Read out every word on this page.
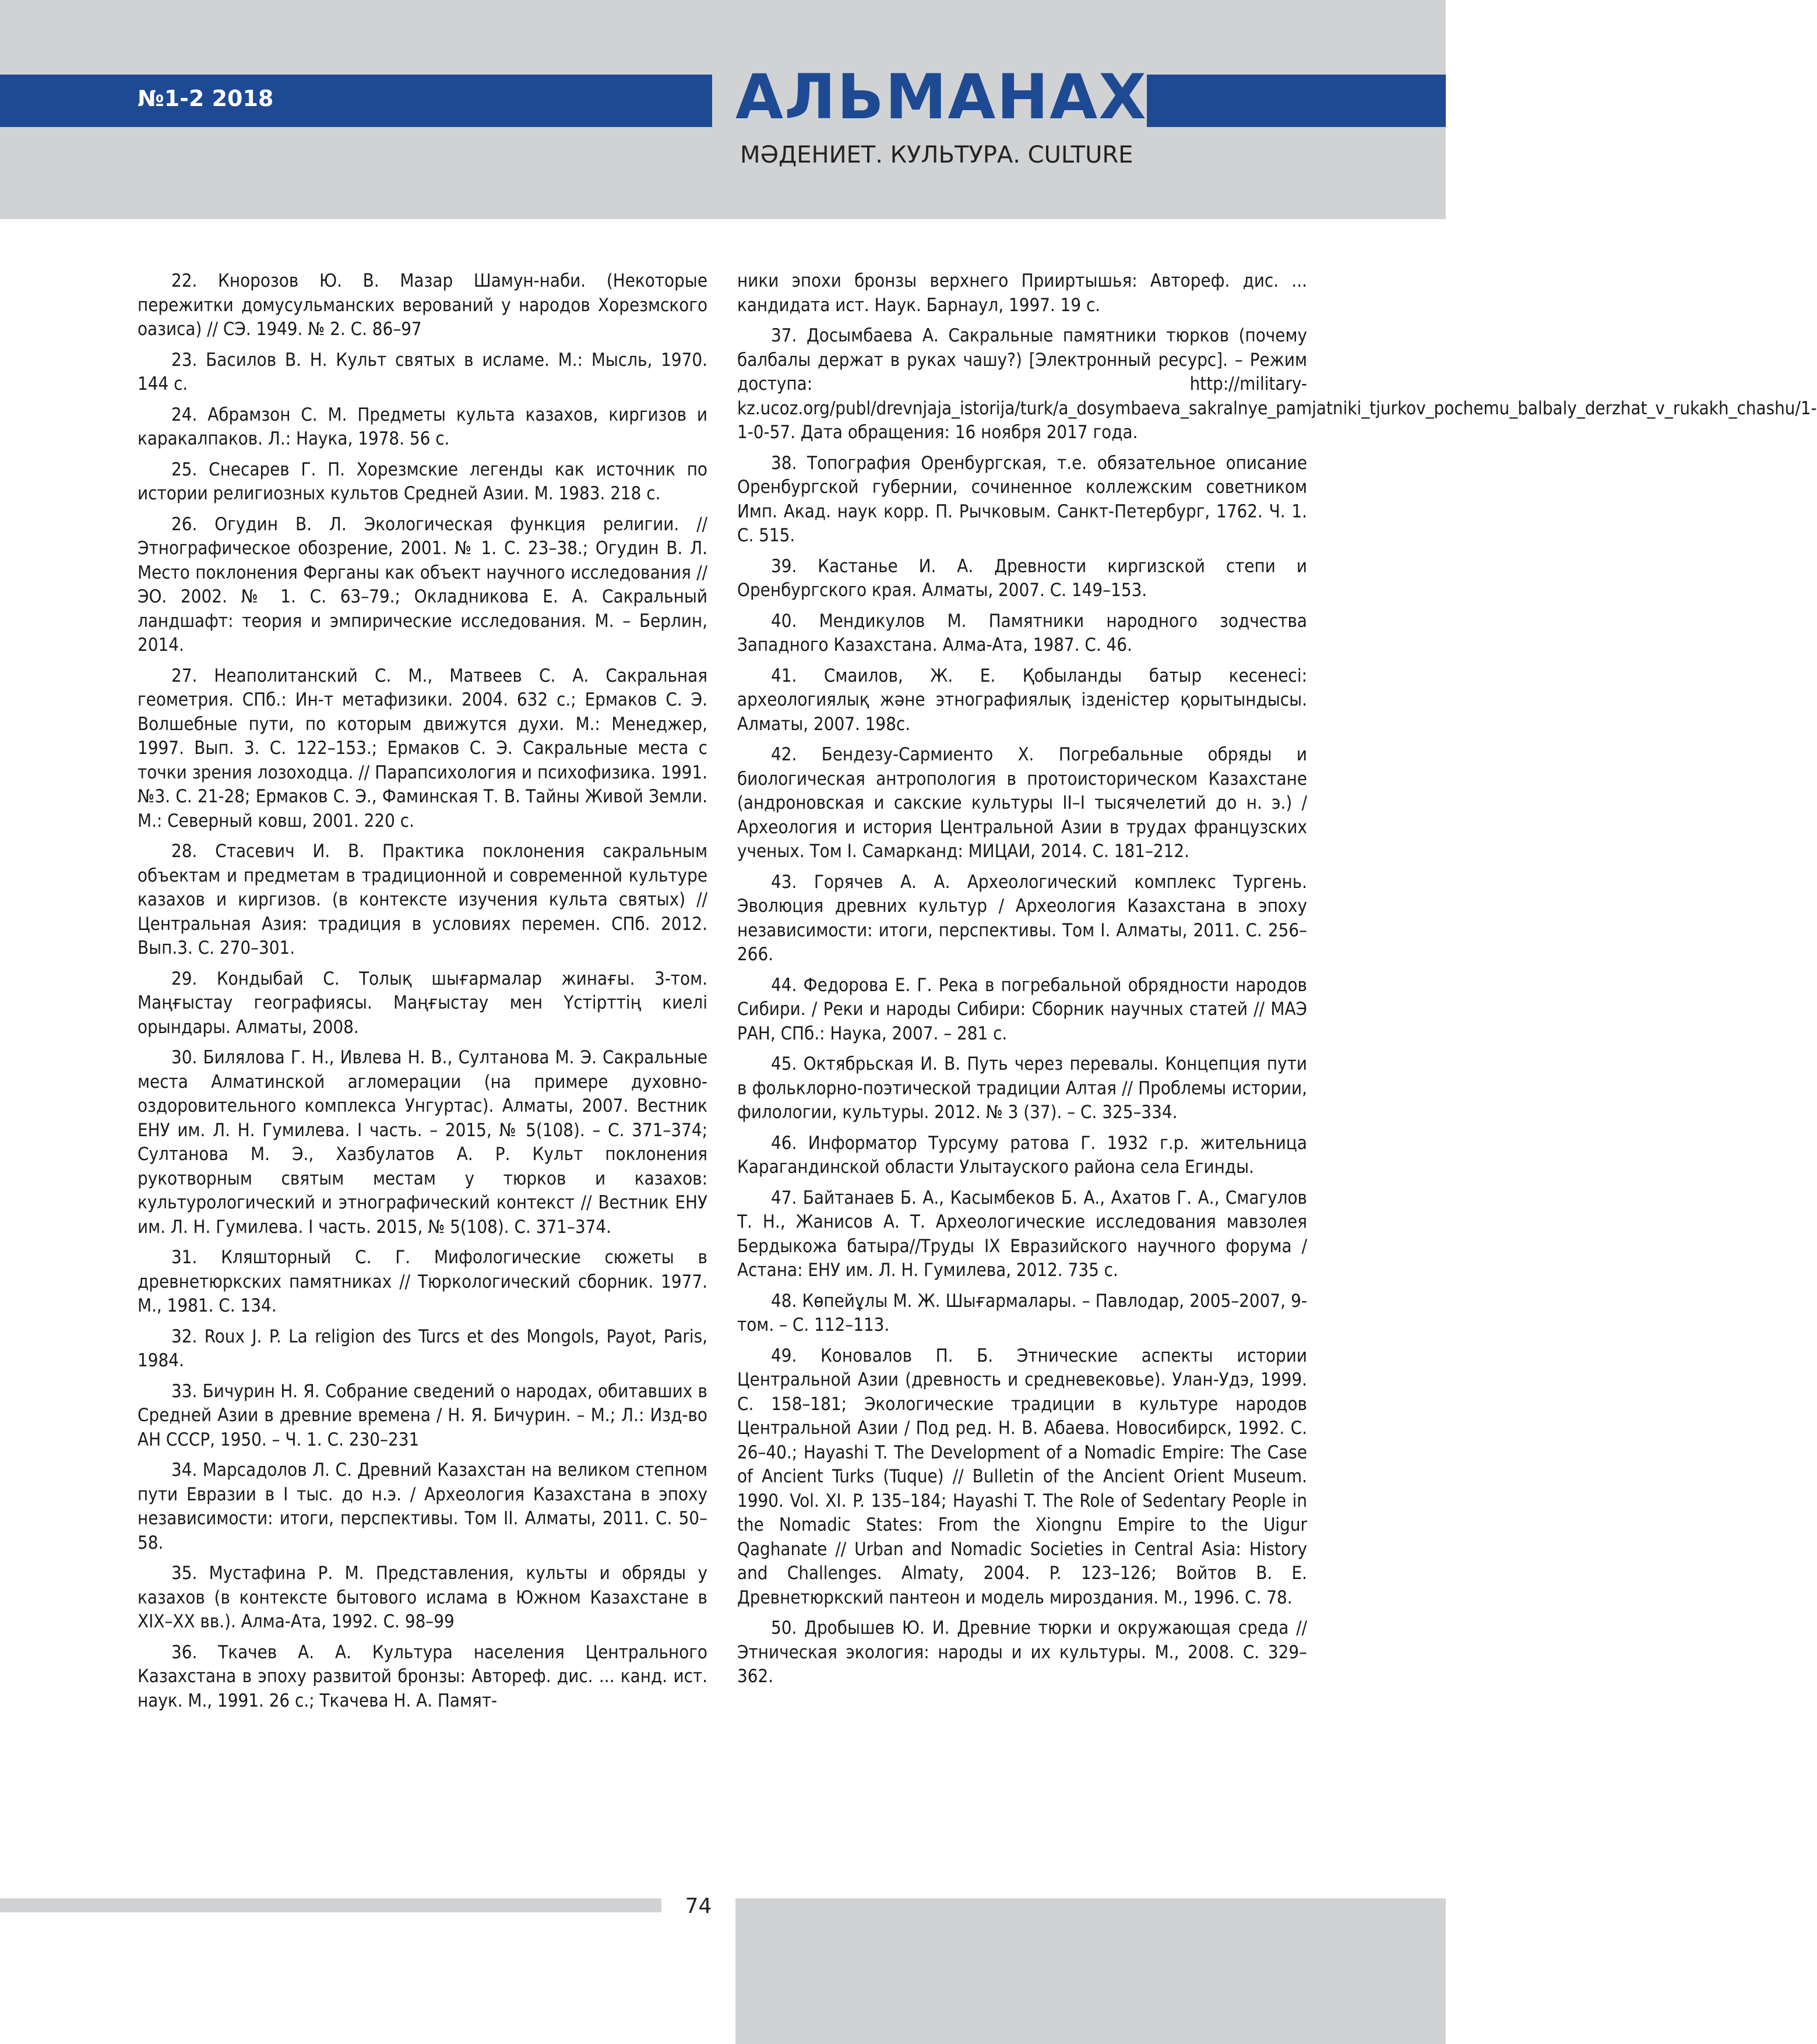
№1-2 2018	АЛЬМАНАХ
МӘДЕНИЕТ. КУЛЬТУРА. CULTURE

22. Кнорозов Ю. В. Мазар Шамун-наби. (Некоторые пережитки домусульманских верований у народов Хорезмского оазиса) // СЭ. 1949. № 2. С. 86–97

23. Басилов В. Н. Культ святых в исламе. М.: Мысль, 1970. 144 с.

24. Абрамзон С. М. Предметы культа казахов, киргизов и каракалпаков. Л.: Наука, 1978. 56 с.

25. Снесарев Г. П. Хорезмские легенды как источник по истории религиозных культов Средней Азии. М. 1983. 218 с.

26. Огудин В. Л. Экологическая функция религии. // Этнографическое обозрение, 2001. № 1. С. 23–38.; Огудин В. Л. Место поклонения Ферганы как объект научного исследования // ЭО. 2002. № 1. С. 63–79.; Окладникова Е. А. Сакральный ландшафт: теория и эмпирические исследования. М. – Берлин, 2014.

27. Неаполитанский С. М., Матвеев С. А. Сакральная геометрия. СПб.: Ин-т метафизики. 2004. 632 с.; Ермаков С. Э. Волшебные пути, по которым движутся духи. М.: Менеджер, 1997. Вып. 3. С. 122–153.; Ермаков С. Э. Сакральные места с точки зрения лозоходца. // Парапсихология и психофизика. 1991. №3. С. 21-28; Ермаков С. Э., Фаминская Т. В. Тайны Живой Земли. М.: Северный ковш, 2001. 220 с.

28. Стасевич И. В. Практика поклонения сакральным объектам и предметам в традиционной и современной культуре казахов и киргизов. (в контексте изучения культа святых) // Центральная Азия: традиция в условиях перемен. СПб. 2012. Вып.3. С. 270–301.

29. Кондыбай С. Толық шығармалар жинағы. 3-том. Маңғыстау географиясы. Маңғыстау мен Үстірттің киелі орындары. Алматы, 2008.

30. Билялова Г. Н., Ивлева Н. В., Султанова М. Э. Сакральные места Алматинской агломерации (на примере духовно-оздоровительного комплекса Унгуртас). Алматы, 2007. Вестник ЕНУ им. Л. Н. Гумилева. I часть. – 2015, № 5(108). – С. 371–374; Султанова М. Э., Хазбулатов А. Р. Культ поклонения рукотворным святым местам у тюрков и казахов: культурологический и этнографический контекст // Вестник ЕНУ им. Л. Н. Гумилева. I часть. 2015, № 5(108). С. 371–374.

31. Кляшторный С. Г. Мифологические сюжеты в древнетюркских памятниках // Тюркологический сборник. 1977. М., 1981. С. 134.

32. Roux J. P. La religion des Turcs et des Mongols, Payot, Paris, 1984.

33. Бичурин Н. Я. Собрание сведений о народах, обитавших в Средней Азии в древние времена / Н. Я. Бичурин. – М.; Л.: Изд-во АН СССР, 1950. – Ч. 1. С. 230–231

34. Марсадолов Л. С. Древний Казахстан на великом степном пути Евразии в I тыс. до н.э. / Археология Казахстана в эпоху независимости: итоги, перспективы. Том II. Алматы, 2011. С. 50–58.

35. Мустафина Р. М. Представления, культы и обряды у казахов (в контексте бытового ислама в Южном Казахстане в XIX–XX вв.). Алма-Ата, 1992. С. 98–99

36. Ткачев А. А. Культура населения Центрального Казахстана в эпоху развитой бронзы: Автореф. дис. ... канд. ист. наук. М., 1991. 26 с.; Ткачева Н. А. Памят-

ники эпохи бронзы верхнего Прииртышья: Автореф. дис. ... кандидата ист. Наук. Барнаул, 1997. 19 с.

37. Досымбаева А. Сакральные памятники тюрков (почему балбалы держат в руках чашу?) [Электронный ресурс]. – Режим доступа: http://military-kz.ucoz.org/publ/drevnjaja_istorija/turk/a_dosymbaeva_sakralnye_pamjatniki_tjurkov_pochemu_balbaly_derzhat_v_rukakh_chashu/1-1-0-57. Дата обращения: 16 ноября 2017 года.

38. Топография Оренбургская, т.е. обязательное описание Оренбургской губернии, сочиненное коллежским советником Имп. Акад. наук корр. П. Рычковым. Санкт-Петербург, 1762. Ч. 1. С. 515.

39. Кастанье И. А. Древности киргизской степи и Оренбургского края. Алматы, 2007. С. 149–153.

40. Мендикулов М. Памятники народного зодчества Западного Казахстана. Алма-Ата, 1987. С. 46.

41. Смаилов, Ж. Е. Қобыланды батыр кесенесі: археологиялық және этнографиялық ізденістер қорытындысы. Алматы, 2007. 198с.

42. Бендезу-Сармиенто Х. Погребальные обряды и биологическая антропология в протоисторическом Казахстане (андроновская и сакские культуры II–I тысячелетий до н. э.) / Археология и история Центральной Азии в трудах французских ученых. Том I. Самарканд: МИЦАИ, 2014. С. 181–212.

43. Горячев А. А. Археологический комплекс Тургень. Эволюция древних культур / Археология Казахстана в эпоху независимости: итоги, перспективы. Том I. Алматы, 2011. С. 256–266.

44. Федорова Е. Г. Река в погребальной обрядности народов Сибири. / Реки и народы Сибири: Сборник научных статей // МАЭ РАН, СПб.: Наука, 2007. – 281 с.

45. Октябрьская И. В. Путь через перевалы. Концепция пути в фольклорно-поэтической традиции Алтая // Проблемы истории, филологии, культуры. 2012. № 3 (37). – С. 325–334.

46. Информатор Турсуму ратова Г. 1932 г.р. жительница Карагандинской области Улытауского района села Егинды.

47. Байтанаев Б. А., Касымбеков Б. А., Ахатов Г. А., Смагулов Т. Н., Жанисов А. Т. Археологические исследования мавзолея Бердыкожа батыра//Труды IX Евразийского научного форума / Астана: ЕНУ им. Л. Н. Гумилева, 2012. 735 с.

48. Көпейұлы М. Ж. Шығармалары. – Павлодар, 2005–2007, 9-том. – С. 112–113.

49. Коновалов П. Б. Этнические аспекты истории Центральной Азии (древность и средневековье). Улан-Удэ, 1999. С. 158–181; Экологические традиции в культуре народов Центральной Азии / Под ред. Н. В. Абаева. Новосибирск, 1992. С. 26–40.; Hayashi T. The Development of a Nomadic Empire: The Case of Ancient Turks (Tuque) // Bulletin of the Ancient Orient Museum. 1990. Vol. XI. P. 135–184; Hayashi T. The Role of Sedentary People in the Nomadic States: From the Xiongnu Empire to the Uigur Qaghanate // Urban and Nomadic Societies in Central Asia: History and Challenges. Almaty, 2004. P. 123–126; Войтов В. Е. Древнетюркский пантеон и модель мироздания. М., 1996. С. 78.

50. Дробышев Ю. И. Древние тюрки и окружающая среда // Этническая экология: народы и их культуры. М., 2008. С. 329–362.

74
